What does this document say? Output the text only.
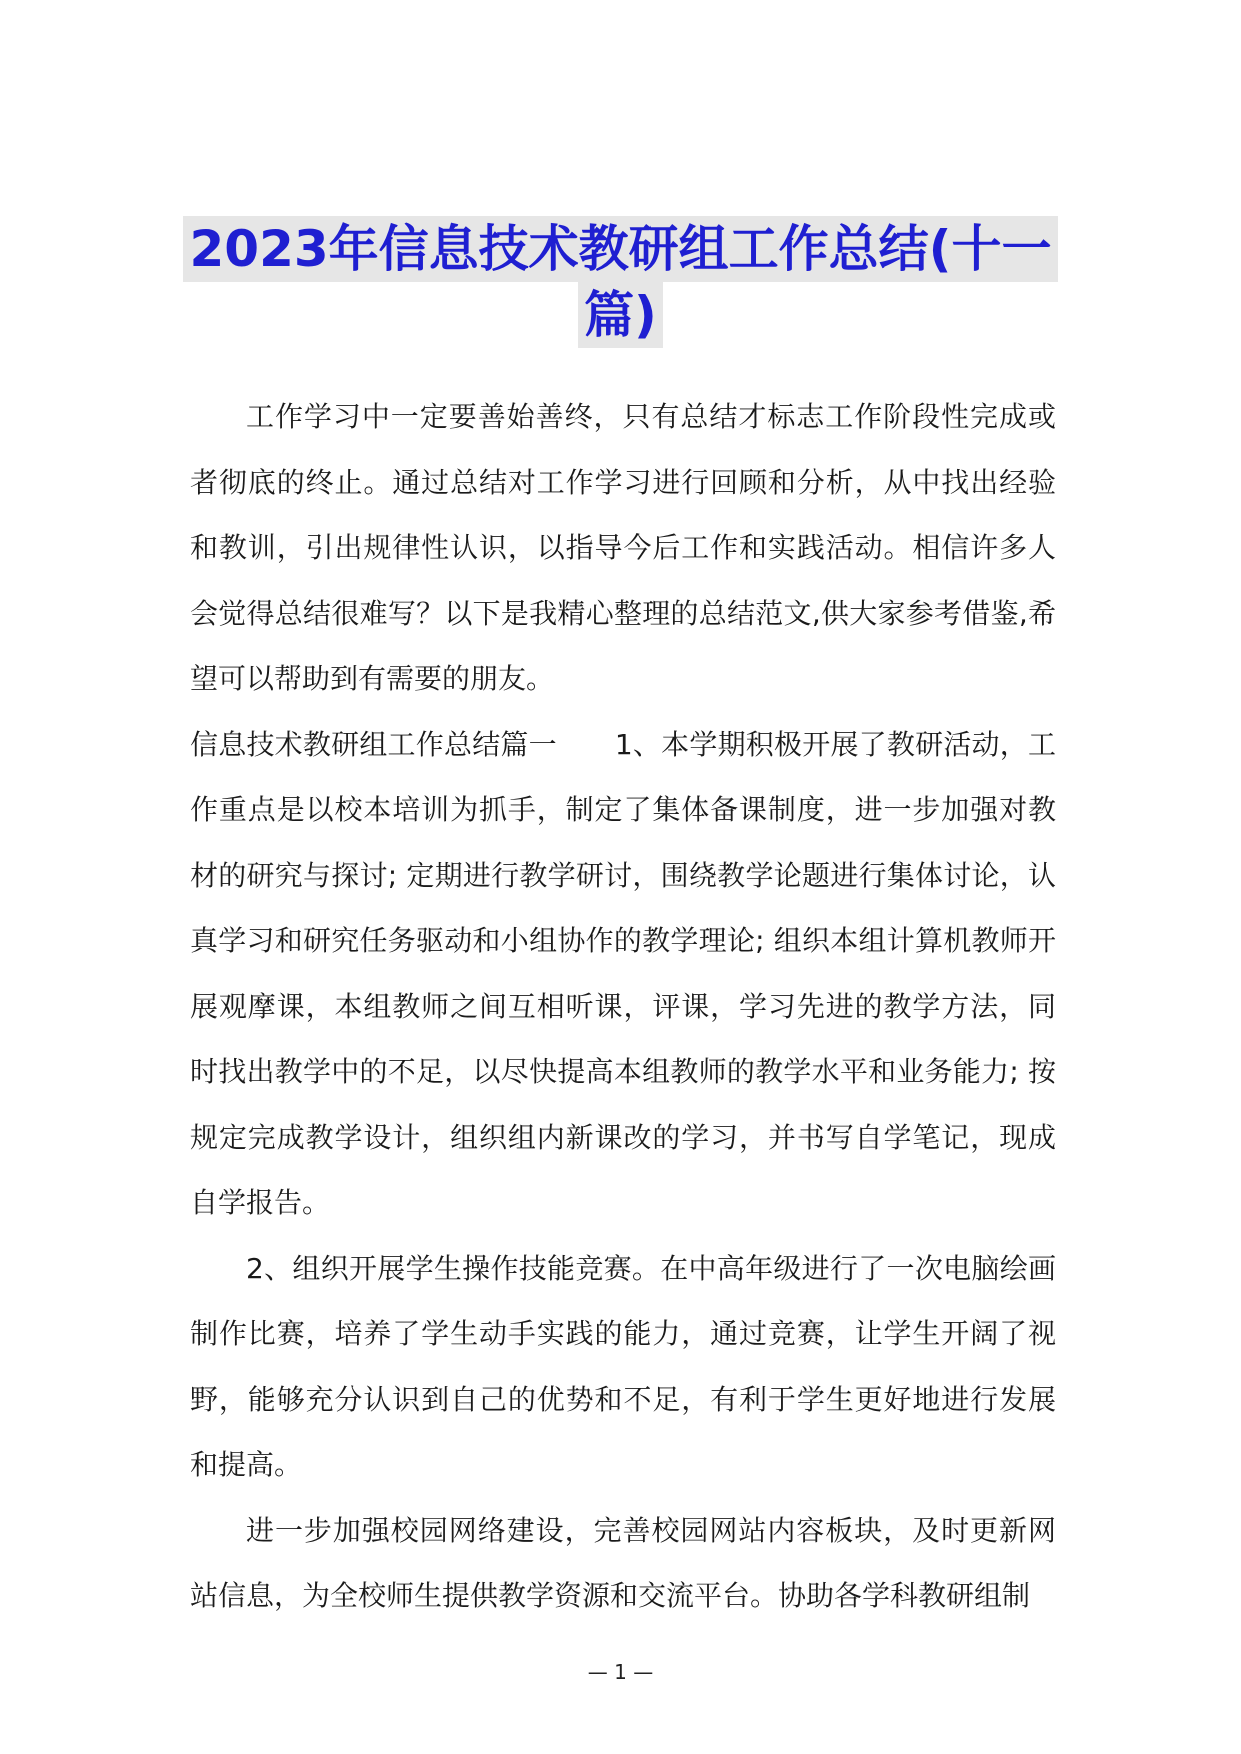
2023年信息技术教研组工作总结(十一
篇)

工作学习中一定要善始善终，只有总结才标志工作阶段性完成或者彻底的终止。通过总结对工作学习进行回顾和分析，从中找出经验和教训，引出规律性认识，以指导今后工作和实践活动。相信许多人会觉得总结很难写？以下是我精心整理的总结范文,供大家参考借鉴,希望可以帮助到有需要的朋友。

信息技术教研组工作总结篇一 1、本学期积极开展了教研活动，工作重点是以校本培训为抓手，制定了集体备课制度，进一步加强对教材的研究与探讨; 定期进行教学研讨，围绕教学论题进行集体讨论，认真学习和研究任务驱动和小组协作的教学理论; 组织本组计算机教师开展观摩课，本组教师之间互相听课，评课，学习先进的教学方法，同时找出教学中的不足，以尽快提高本组教师的教学水平和业务能力; 按规定完成教学设计，组织组内新课改的学习，并书写自学笔记，现成自学报告。

2、组织开展学生操作技能竞赛。在中高年级进行了一次电脑绘画制作比赛，培养了学生动手实践的能力，通过竞赛，让学生开阔了视野，能够充分认识到自己的优势和不足，有利于学生更好地进行发展和提高。

进一步加强校园网络建设，完善校园网站内容板块，及时更新网站信息，为全校师生提供教学资源和交流平台。协助各学科教研组制

— 1 —
